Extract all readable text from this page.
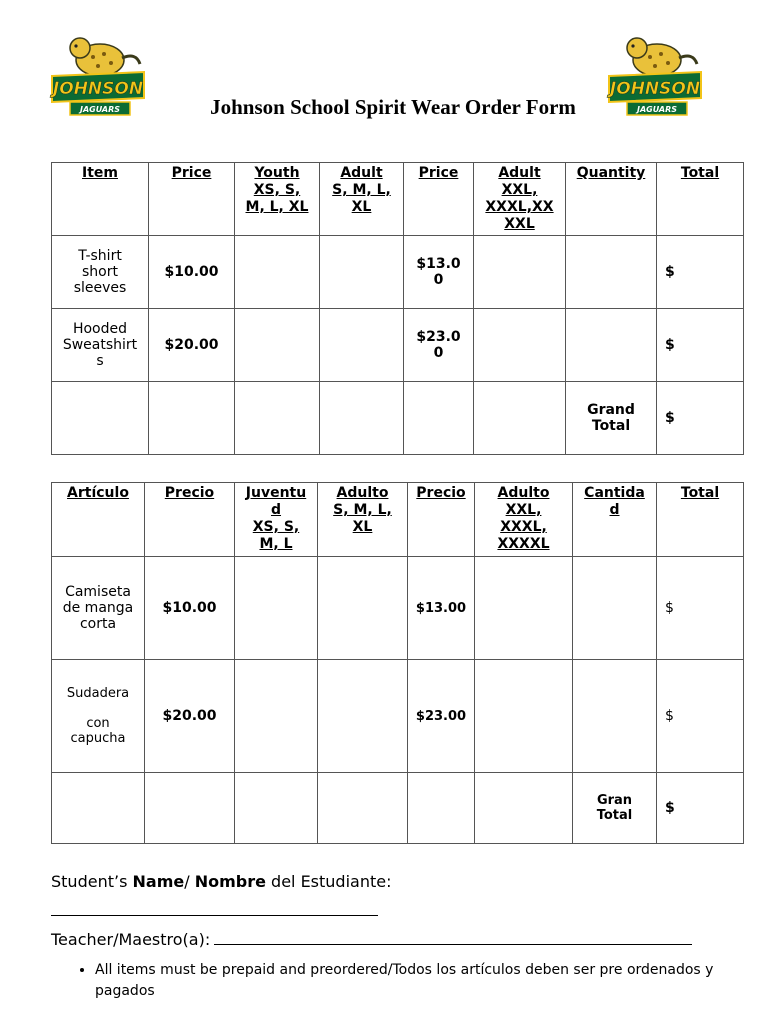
JOHNSON
JAGUARS
JOHNSON
JAGUARS
Johnson School Spirit Wear Order Form
Item	Price	Youth
XS, S,
M, L, XL	Adult
S, M, L,
XL	Price	Adult
XXL,
XXXL,XX
XXL	Quantity	Total
T-shirt
short
sleeves	$10.00			$13.0
0			$
Hooded
Sweatshirt
s	$20.00			$23.0
0			$
						Grand
Total	$
Artículo	Precio	Juventu
d
XS, S,
M, L	Adulto
S, M, L,
XL	Precio	Adulto
XXL,
XXXL,
XXXXL	Cantida
d	Total
Camiseta
de manga
corta	$10.00			$13.00			$
Sudadera

con
capucha	$20.00			$23.00			$
						Gran
Total	$
Student’s Name/ Nombre del Estudiante:
Teacher/Maestro(a):
• All items must be prepaid and preordered/Todos los artículos deben ser pre ordenados y pagados
